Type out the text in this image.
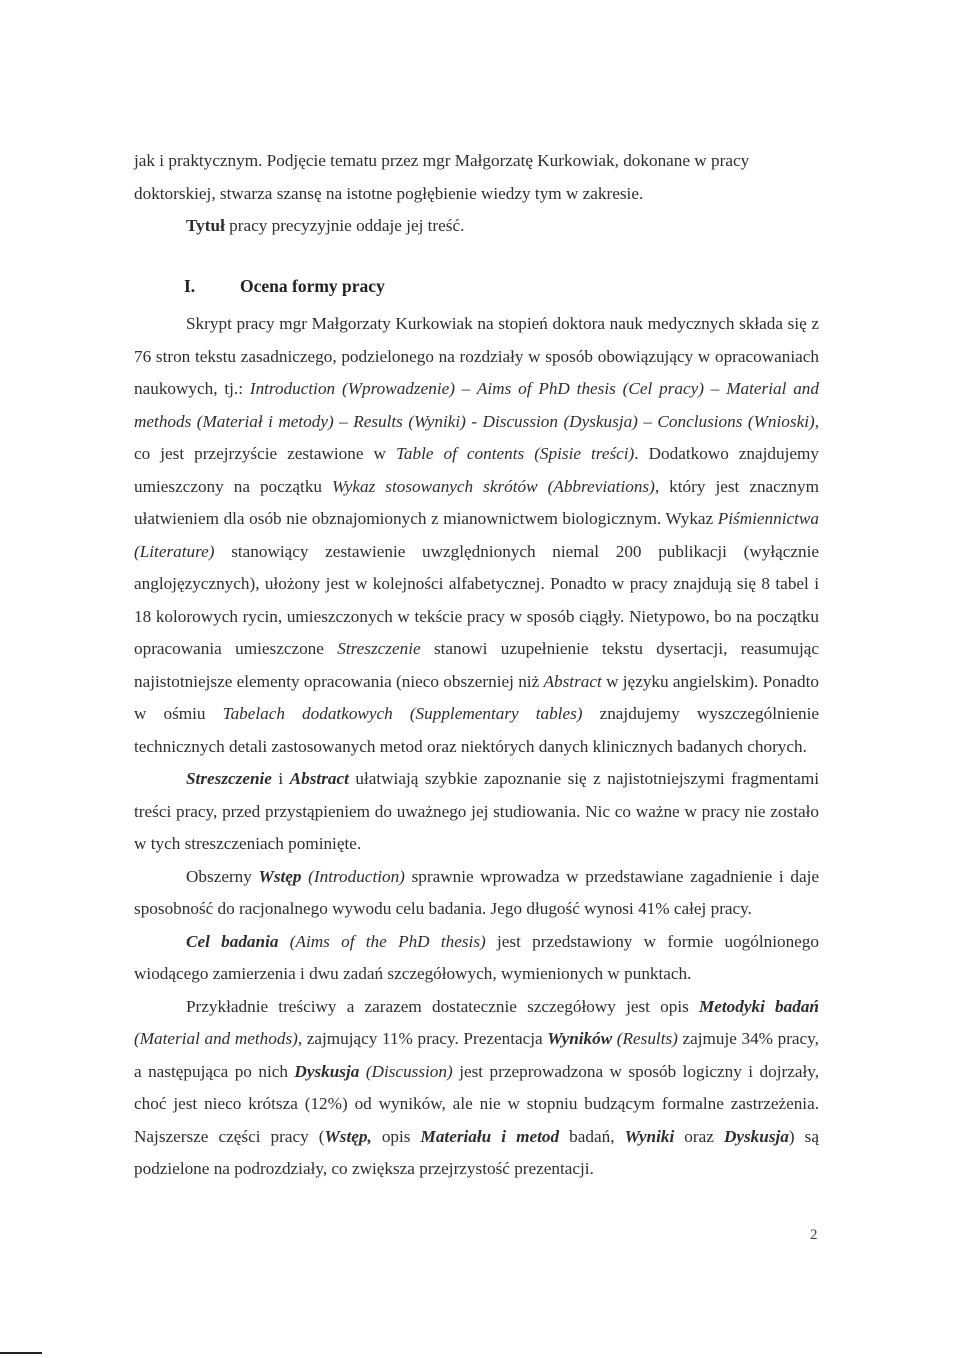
jak i praktycznym. Podjęcie tematu przez mgr Małgorzatę Kurkowiak, dokonane w pracy

doktorskiej, stwarza szansę na istotne pogłębienie wiedzy tym w zakresie.

Tytuł pracy precyzyjnie oddaje jej treść.

I.	Ocena formy pracy

Skrypt pracy mgr Małgorzaty Kurkowiak na stopień doktora nauk medycznych składa się z 76 stron tekstu zasadniczego, podzielonego na rozdziały w sposób obowiązujący w opracowaniach naukowych, tj.: Introduction (Wprowadzenie) – Aims of PhD thesis (Cel pracy) – Material and methods (Materiał i metody) – Results (Wyniki) - Discussion (Dyskusja) – Conclusions (Wnioski), co jest przejrzyście zestawione w Table of contents (Spisie treści). Dodatkowo znajdujemy umieszczony na początku Wykaz stosowanych skrótów (Abbreviations), który jest znacznym ułatwieniem dla osób nie obznajomionych z mianownictwem biologicznym. Wykaz Piśmiennictwa (Literature) stanowiący zestawienie uwzględnionych niemal 200 publikacji (wyłącznie anglojęzycznych), ułożony jest w kolejności alfabetycznej. Ponadto w pracy znajdują się 8 tabel i 18 kolorowych rycin, umieszczonych w tekście pracy w sposób ciągły. Nietypowo, bo na początku opracowania umieszczone Streszczenie stanowi uzupełnienie tekstu dysertacji, reasumując najistotniejsze elementy opracowania (nieco obszerniej niż Abstract w języku angielskim). Ponadto w ośmiu Tabelach dodatkowych (Supplementary tables) znajdujemy wyszczególnienie technicznych detali zastosowanych metod oraz niektórych danych klinicznych badanych chorych.

Streszczenie i Abstract ułatwiają szybkie zapoznanie się z najistotniejszymi fragmentami treści pracy, przed przystąpieniem do uważnego jej studiowania. Nic co ważne w pracy nie zostało w tych streszczeniach pominięte.

Obszerny Wstęp (Introduction) sprawnie wprowadza w przedstawiane zagadnienie i daje sposobność do racjonalnego wywodu celu badania. Jego długość wynosi 41% całej pracy.

Cel badania (Aims of the PhD thesis) jest przedstawiony w formie uogólnionego wiodącego zamierzenia i dwu zadań szczegółowych, wymienionych w punktach.

Przykładnie treściwy a zarazem dostatecznie szczegółowy jest opis Metodyki badań (Material and methods), zajmujący 11% pracy. Prezentacja Wyników (Results) zajmuje 34% pracy, a następująca po nich Dyskusja (Discussion) jest przeprowadzona w sposób logiczny i dojrzały, choć jest nieco krótsza (12%) od wyników, ale nie w stopniu budzącym formalne zastrzeżenia. Najszersze części pracy (Wstęp, opis Materiału i metod badań, Wyniki oraz Dyskusja) są podzielone na podrozdziały, co zwiększa przejrzystość prezentacji.

2
